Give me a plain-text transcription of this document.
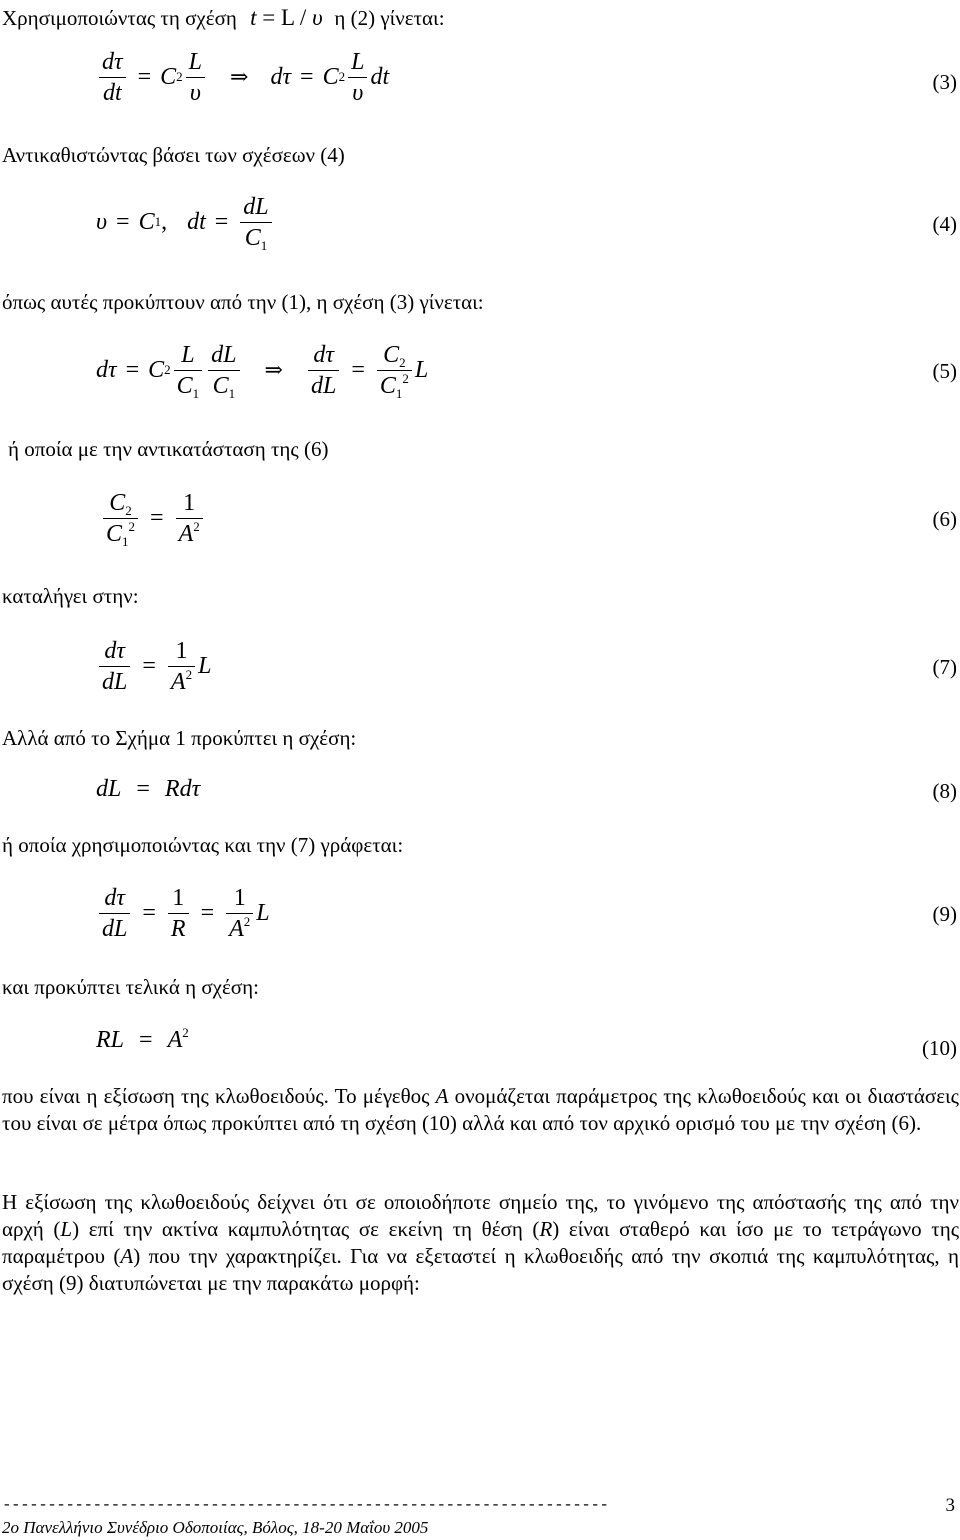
Χρησιμοποιώντας τη σχέση t = L / υ η (2) γίνεται:
$\frac{d\tau}{dt} = C$ $2 \frac{L}{\upsilon}$ ⇒ dτ = C $2 \frac{L}{\upsilon}$ dt	(3)
Αντικαθιστώντας βάσει των σχέσεων (4)
υ = C 1 , dt = $\frac{dL}{C_1}$	(4)
όπως αυτές προκύπτουν από την (1), η σχέση (3) γίνεται:
dτ = C $2 \frac{L}{C_1} \frac{dL}{C_1}$ ⇒ $\frac{d\tau}{dL} = \frac{C_2}{C_1^2}$ L	(5)
ή οποία με την αντικατάσταση της (6)
$\frac{C_2}{C_1^2} = \frac{1}{A^2}$	(6)
καταλήγει στην:
$\frac{d\tau}{dL} = \frac{1}{A^2}$ L	(7)
Αλλά από το Σχήμα 1 προκύπτει η σχέση:
dL = Rdτ	(8)
ή οποία χρησιμοποιώντας και την (7) γράφεται:
$\frac{d\tau}{dL} = \frac{1}{R} = \frac{1}{A^2}$ L	(9)
και προκύπτει τελικά η σχέση:
RL = $A^2$
(10)
που είναι η εξίσωση της κλωθοειδούς. Το μέγεθος A ονομάζεται παράμετρος της κλωθοειδούς και οι διαστάσεις του είναι σε μέτρα όπως προκύπτει από τη σχέση (10) αλλά και από τον αρχικό ορισμό του με την σχέση (6).
Η εξίσωση της κλωθοειδούς δείχνει ότι σε οποιοδήποτε σημείο της, το γινόμενο της απόστασής της από την αρχή (L) επί την ακτίνα καμπυλότητας σε εκείνη τη θέση (R) είναι σταθερό και ίσο με το τετράγωνο της παραμέτρου (A) που την χαρακτηρίζει. Για να εξεταστεί η κλωθοειδής από την σκοπιά της καμπυλότητας, η σχέση (9) διατυπώνεται με την παρακάτω μορφή:
-------------------------------------------------------------------
2ο Πανελλήνιο Συνέδριο Οδοποιίας, Βόλος, 18-20 Μαΐου 2005
3
